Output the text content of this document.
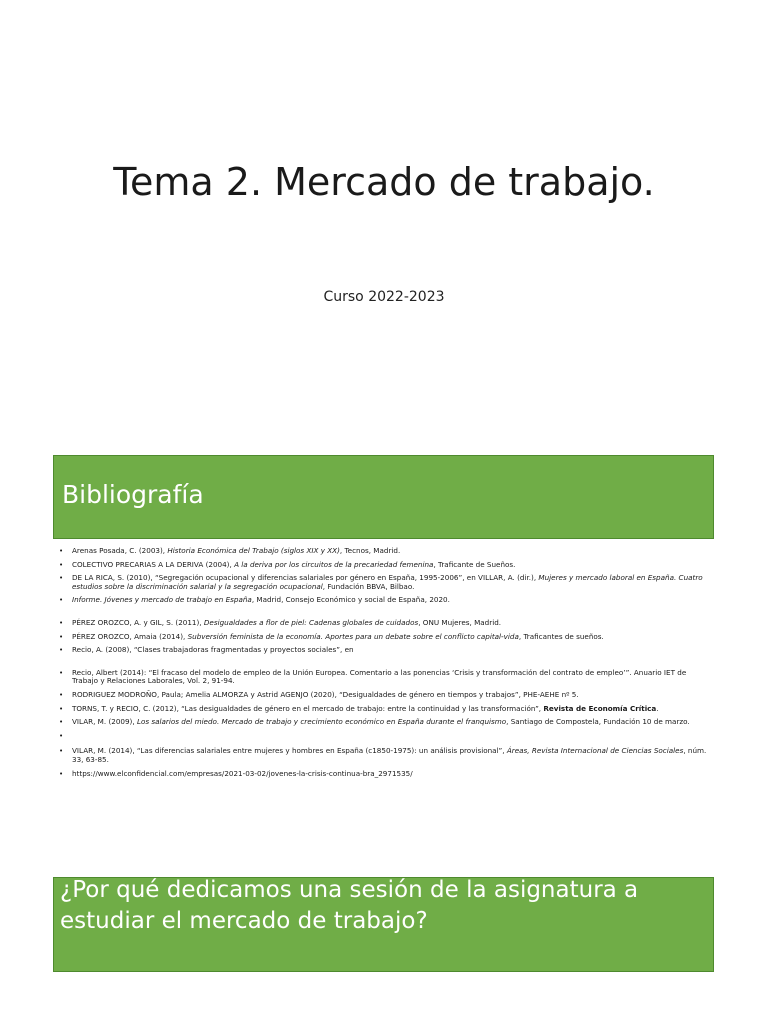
Tema 2. Mercado de trabajo.
Curso 2022-2023
Bibliografía
• Arenas Posada, C. (2003), Historia Económica del Trabajo (siglos XIX y XX), Tecnos, Madrid.
• COLECTIVO PRECARIAS A LA DERIVA (2004), A la deriva por los circuitos de la precariedad femenina, Traficante de Sueños.
• DE LA RICA, S. (2010), “Segregación ocupacional y diferencias salariales por género en España, 1995-2006”, en VILLAR, A. (dir.), Mujeres y mercado laboral en España. Cuatro estudios sobre la discriminación salarial y la segregación ocupacional, Fundación BBVA, Bilbao.
• Informe. Jóvenes y mercado de trabajo en España, Madrid, Consejo Económico y social de España, 2020.
• PÉREZ OROZCO, A. y GIL, S. (2011), Desigualdades a flor de piel: Cadenas globales de cuidados, ONU Mujeres, Madrid.
• PÉREZ OROZCO, Amaia (2014), Subversión feminista de la economía. Aportes para un debate sobre el conflicto capital-vida, Traficantes de sueños.
• Recio, A. (2008), “Clases trabajadoras fragmentadas y proyectos sociales”, en
• Recio, Albert (2014): “El fracaso del modelo de empleo de la Unión Europea. Comentario a las ponencias ‘Crisis y transformación del contrato de empleo’”. Anuario IET de Trabajo y Relaciones Laborales, Vol. 2, 91-94.
• RODRIGUEZ MODROÑO, Paula; Amelia ALMORZA y Astrid AGENJO (2020), “Desigualdades de género en tiempos y trabajos”, PHE-AEHE nº 5.
• TORNS, T. y RECIO, C. (2012), “Las desigualdades de género en el mercado de trabajo: entre la continuidad y las transformación”, Revista de Economía Crítica.
• VILAR, M. (2009), Los salarios del miedo. Mercado de trabajo y crecimiento económico en España durante el franquismo, Santiago de Compostela, Fundación 10 de marzo.
•
• VILAR, M. (2014), “Las diferencias salariales entre mujeres y hombres en España (c1850-1975): un análisis provisional”, Áreas, Revista Internacional de Ciencias Sociales, núm. 33, 63-85.
• https://www.elconfidencial.com/empresas/2021-03-02/jovenes-la-crisis-continua-bra_2971535/
¿Por qué dedicamos una sesión de la asignatura a estudiar el mercado de trabajo?
